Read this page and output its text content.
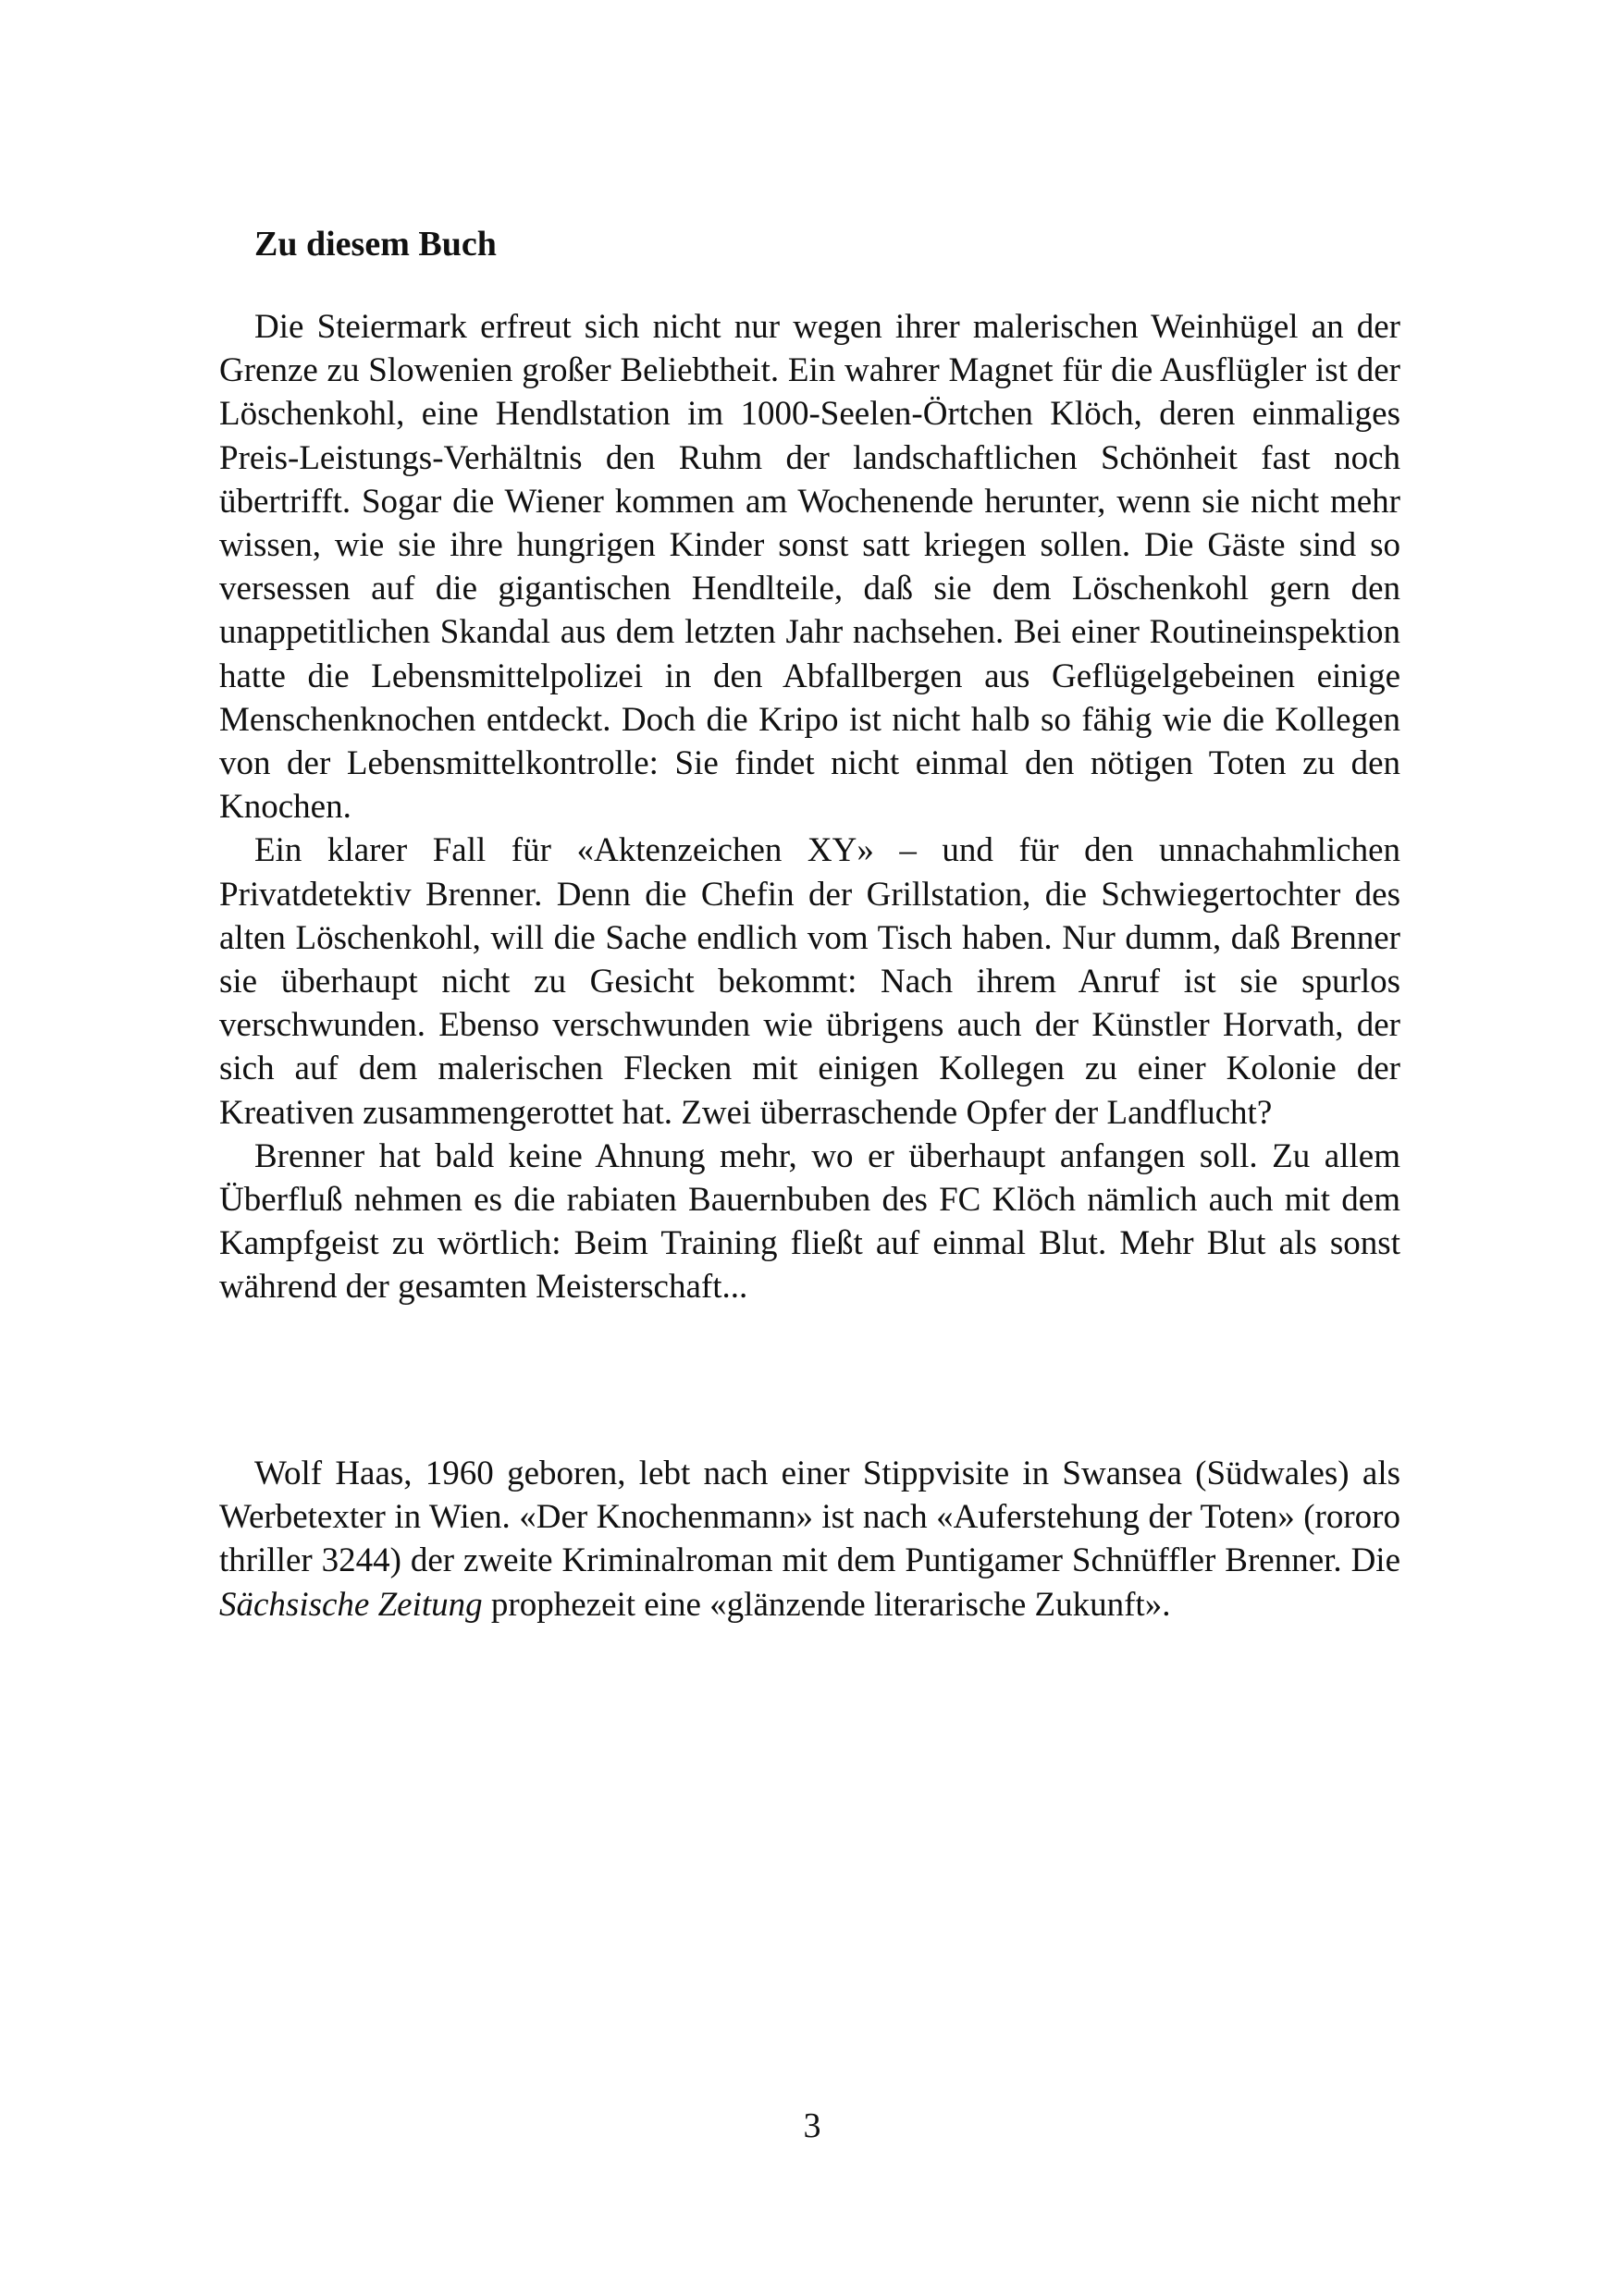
Zu diesem Buch

Die Steiermark erfreut sich nicht nur wegen ihrer malerischen Weinhügel an der Grenze zu Slowenien großer Beliebtheit. Ein wahrer Magnet für die Ausflügler ist der Löschenkohl, eine Hendlstation im 1000-Seelen-Örtchen Klöch, deren einmaliges Preis-Leistungs-Verhältnis den Ruhm der landschaftlichen Schönheit fast noch übertrifft. Sogar die Wiener kommen am Wochenende herunter, wenn sie nicht mehr wissen, wie sie ihre hungrigen Kinder sonst satt kriegen sollen. Die Gäste sind so versessen auf die gigantischen Hendlteile, daß sie dem Löschenkohl gern den unappetitlichen Skandal aus dem letzten Jahr nachsehen. Bei einer Routineinspektion hatte die Lebensmittelpolizei in den Abfallbergen aus Geflügelgebeinen einige Menschenknochen entdeckt. Doch die Kripo ist nicht halb so fähig wie die Kollegen von der Lebensmittelkontrolle: Sie findet nicht einmal den nötigen Toten zu den Knochen.

Ein klarer Fall für «Aktenzeichen XY» – und für den unnachahmlichen Privatdetektiv Brenner. Denn die Chefin der Grillstation, die Schwiegertochter des alten Löschenkohl, will die Sache endlich vom Tisch haben. Nur dumm, daß Brenner sie überhaupt nicht zu Gesicht bekommt: Nach ihrem Anruf ist sie spurlos verschwunden. Ebenso verschwunden wie übrigens auch der Künstler Horvath, der sich auf dem malerischen Flecken mit einigen Kollegen zu einer Kolonie der Kreativen zusammengerottet hat. Zwei überraschende Opfer der Landflucht?

Brenner hat bald keine Ahnung mehr, wo er überhaupt anfangen soll. Zu allem Überfluß nehmen es die rabiaten Bauernbuben des FC Klöch nämlich auch mit dem Kampfgeist zu wörtlich: Beim Training fließt auf einmal Blut. Mehr Blut als sonst während der gesamten Meisterschaft...

Wolf Haas, 1960 geboren, lebt nach einer Stippvisite in Swansea (Südwales) als Werbetexter in Wien. «Der Knochenmann» ist nach «Auferstehung der Toten» (rororo thriller 3244) der zweite Kriminalroman mit dem Puntigamer Schnüffler Brenner. Die Sächsische Zeitung prophezeit eine «glänzende literarische Zukunft».

3
